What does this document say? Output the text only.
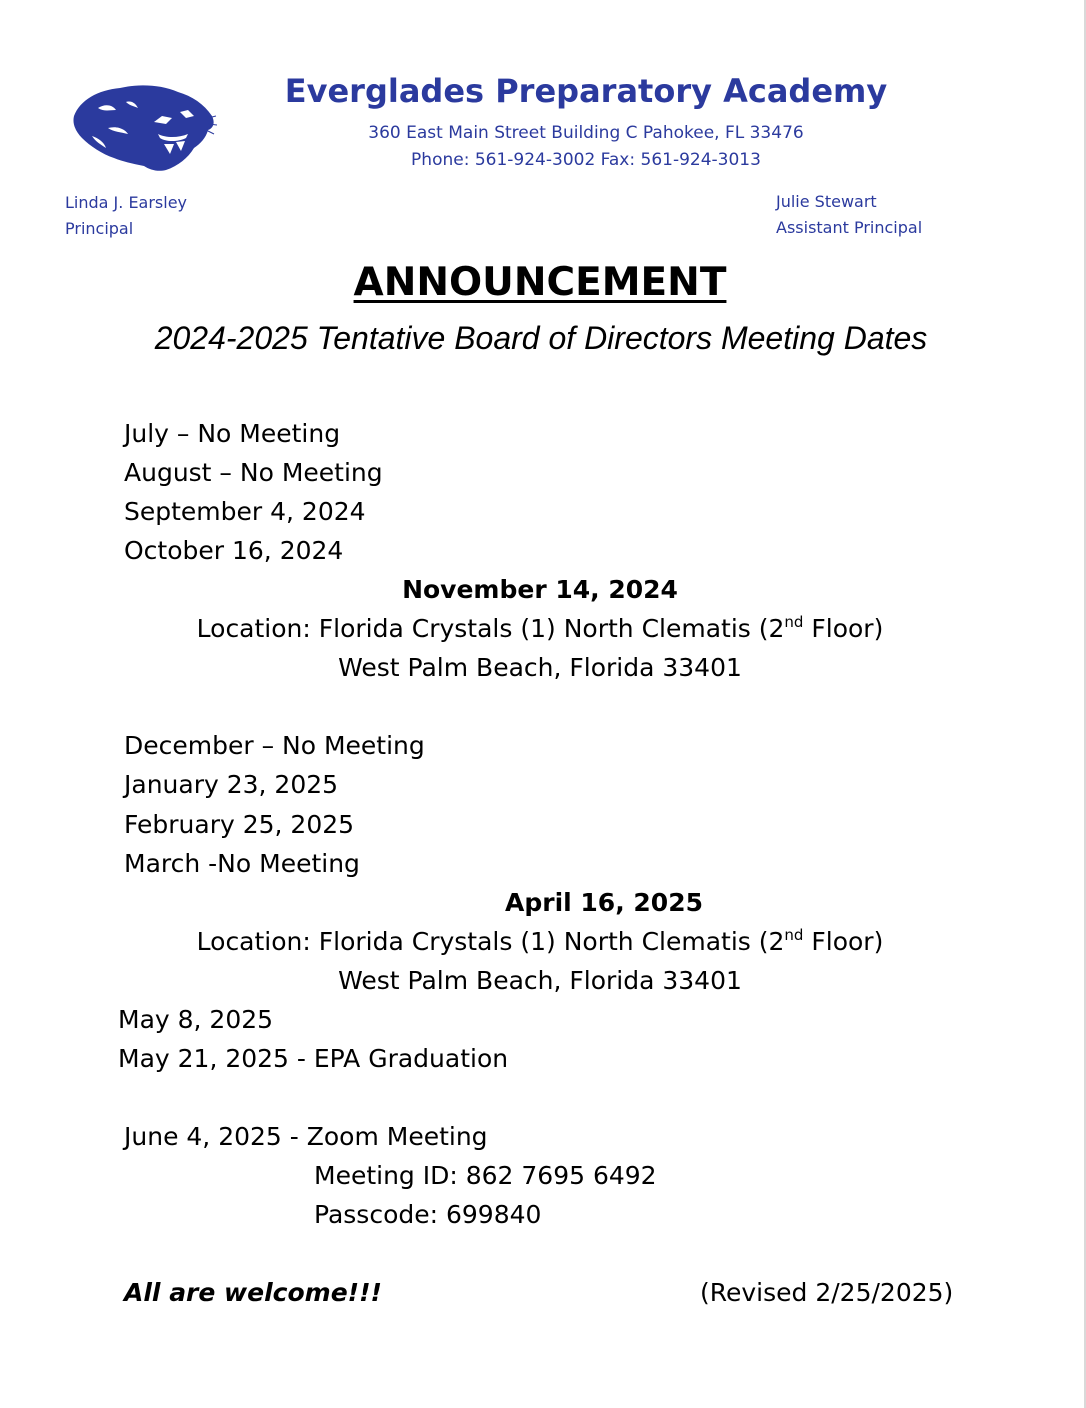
Everglades Preparatory Academy
360 East Main Street Building C Pahokee, FL 33476
Phone: 561-924-3002 Fax: 561-924-3013
Linda J. Earsley
Principal
Julie Stewart
Assistant Principal
ANNOUNCEMENT
2024-2025 Tentative Board of Directors Meeting Dates
July – No Meeting
August – No Meeting
September 4, 2024
October 16, 2024
November 14, 2024
Location: Florida Crystals (1) North Clematis (2nd Floor)
West Palm Beach, Florida 33401
December – No Meeting
January 23, 2025
February 25, 2025
March -No Meeting
April 16, 2025
Location: Florida Crystals (1) North Clematis (2nd Floor)
West Palm Beach, Florida 33401
May 8, 2025
May 21, 2025 - EPA Graduation
June 4, 2025 - Zoom Meeting
Meeting ID: 862 7695 6492
Passcode: 699840
All are welcome!!!	(Revised 2/25/2025)
